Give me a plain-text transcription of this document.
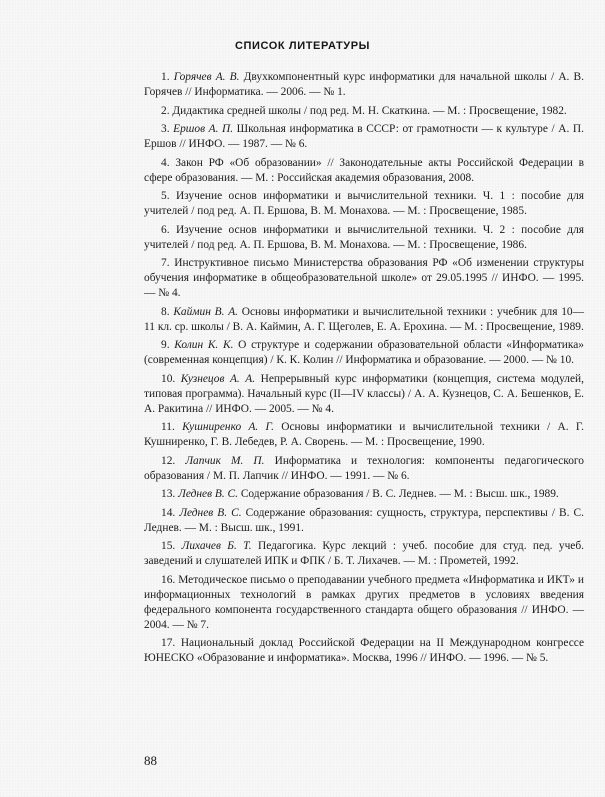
СПИСОК ЛИТЕРАТУРЫ
1. Горячев А. В. Двухкомпонентный курс информатики для начальной школы / А. В. Горячев // Информатика. — 2006. — № 1.
2. Дидактика средней школы / под ред. М. Н. Скаткина. — М. : Просвещение, 1982.
3. Ершов А. П. Школьная информатика в СССР: от грамотности — к культуре / А. П. Ершов // ИНФО. — 1987. — № 6.
4. Закон РФ «Об образовании» // Законодательные акты Российской Федерации в сфере образования. — М. : Российская академия образования, 2008.
5. Изучение основ информатики и вычислительной техники. Ч. 1 : пособие для учителей / под ред. А. П. Ершова, В. М. Монахова. — М. : Просвещение, 1985.
6. Изучение основ информатики и вычислительной техники. Ч. 2 : пособие для учителей / под ред. А. П. Ершова, В. М. Монахова. — М. : Просвещение, 1986.
7. Инструктивное письмо Министерства образования РФ «Об изменении структуры обучения информатике в общеобразовательной школе» от 29.05.1995 // ИНФО. — 1995. — № 4.
8. Каймин В. А. Основы информатики и вычислительной техники : учебник для 10—11 кл. ср. школы / В. А. Каймин, А. Г. Щеголев, Е. А. Ерохина. — М. : Просвещение, 1989.
9. Колин К. К. О структуре и содержании образовательной области «Информатика» (современная концепция) / К. К. Колин // Информатика и образование. — 2000. — № 10.
10. Кузнецов А. А. Непрерывный курс информатики (концепция, система модулей, типовая программа). Начальный курс (II—IV классы) / А. А. Кузнецов, С. А. Бешенков, Е. А. Ракитина // ИНФО. — 2005. — № 4.
11. Кушниренко А. Г. Основы информатики и вычислительной техники / А. Г. Кушниренко, Г. В. Лебедев, Р. А. Сворень. — М. : Просвещение, 1990.
12. Лапчик М. П. Информатика и технология: компоненты педагогического образования / М. П. Лапчик // ИНФО. — 1991. — № 6.
13. Леднев В. С. Содержание образования / В. С. Леднев. — М. : Высш. шк., 1989.
14. Леднев В. С. Содержание образования: сущность, структура, перспективы / В. С. Леднев. — М. : Высш. шк., 1991.
15. Лихачев Б. Т. Педагогика. Курс лекций : учеб. пособие для студ. пед. учеб. заведений и слушателей ИПК и ФПК / Б. Т. Лихачев. — М. : Прометей, 1992.
16. Методическое письмо о преподавании учебного предмета «Информатика и ИКТ» и информационных технологий в рамках других предметов в условиях введения федерального компонента государственного стандарта общего образования // ИНФО. — 2004. — № 7.
17. Национальный доклад Российской Федерации на II Международном конгрессе ЮНЕСКО «Образование и информатика». Москва, 1996 // ИНФО. — 1996. — № 5.
88
